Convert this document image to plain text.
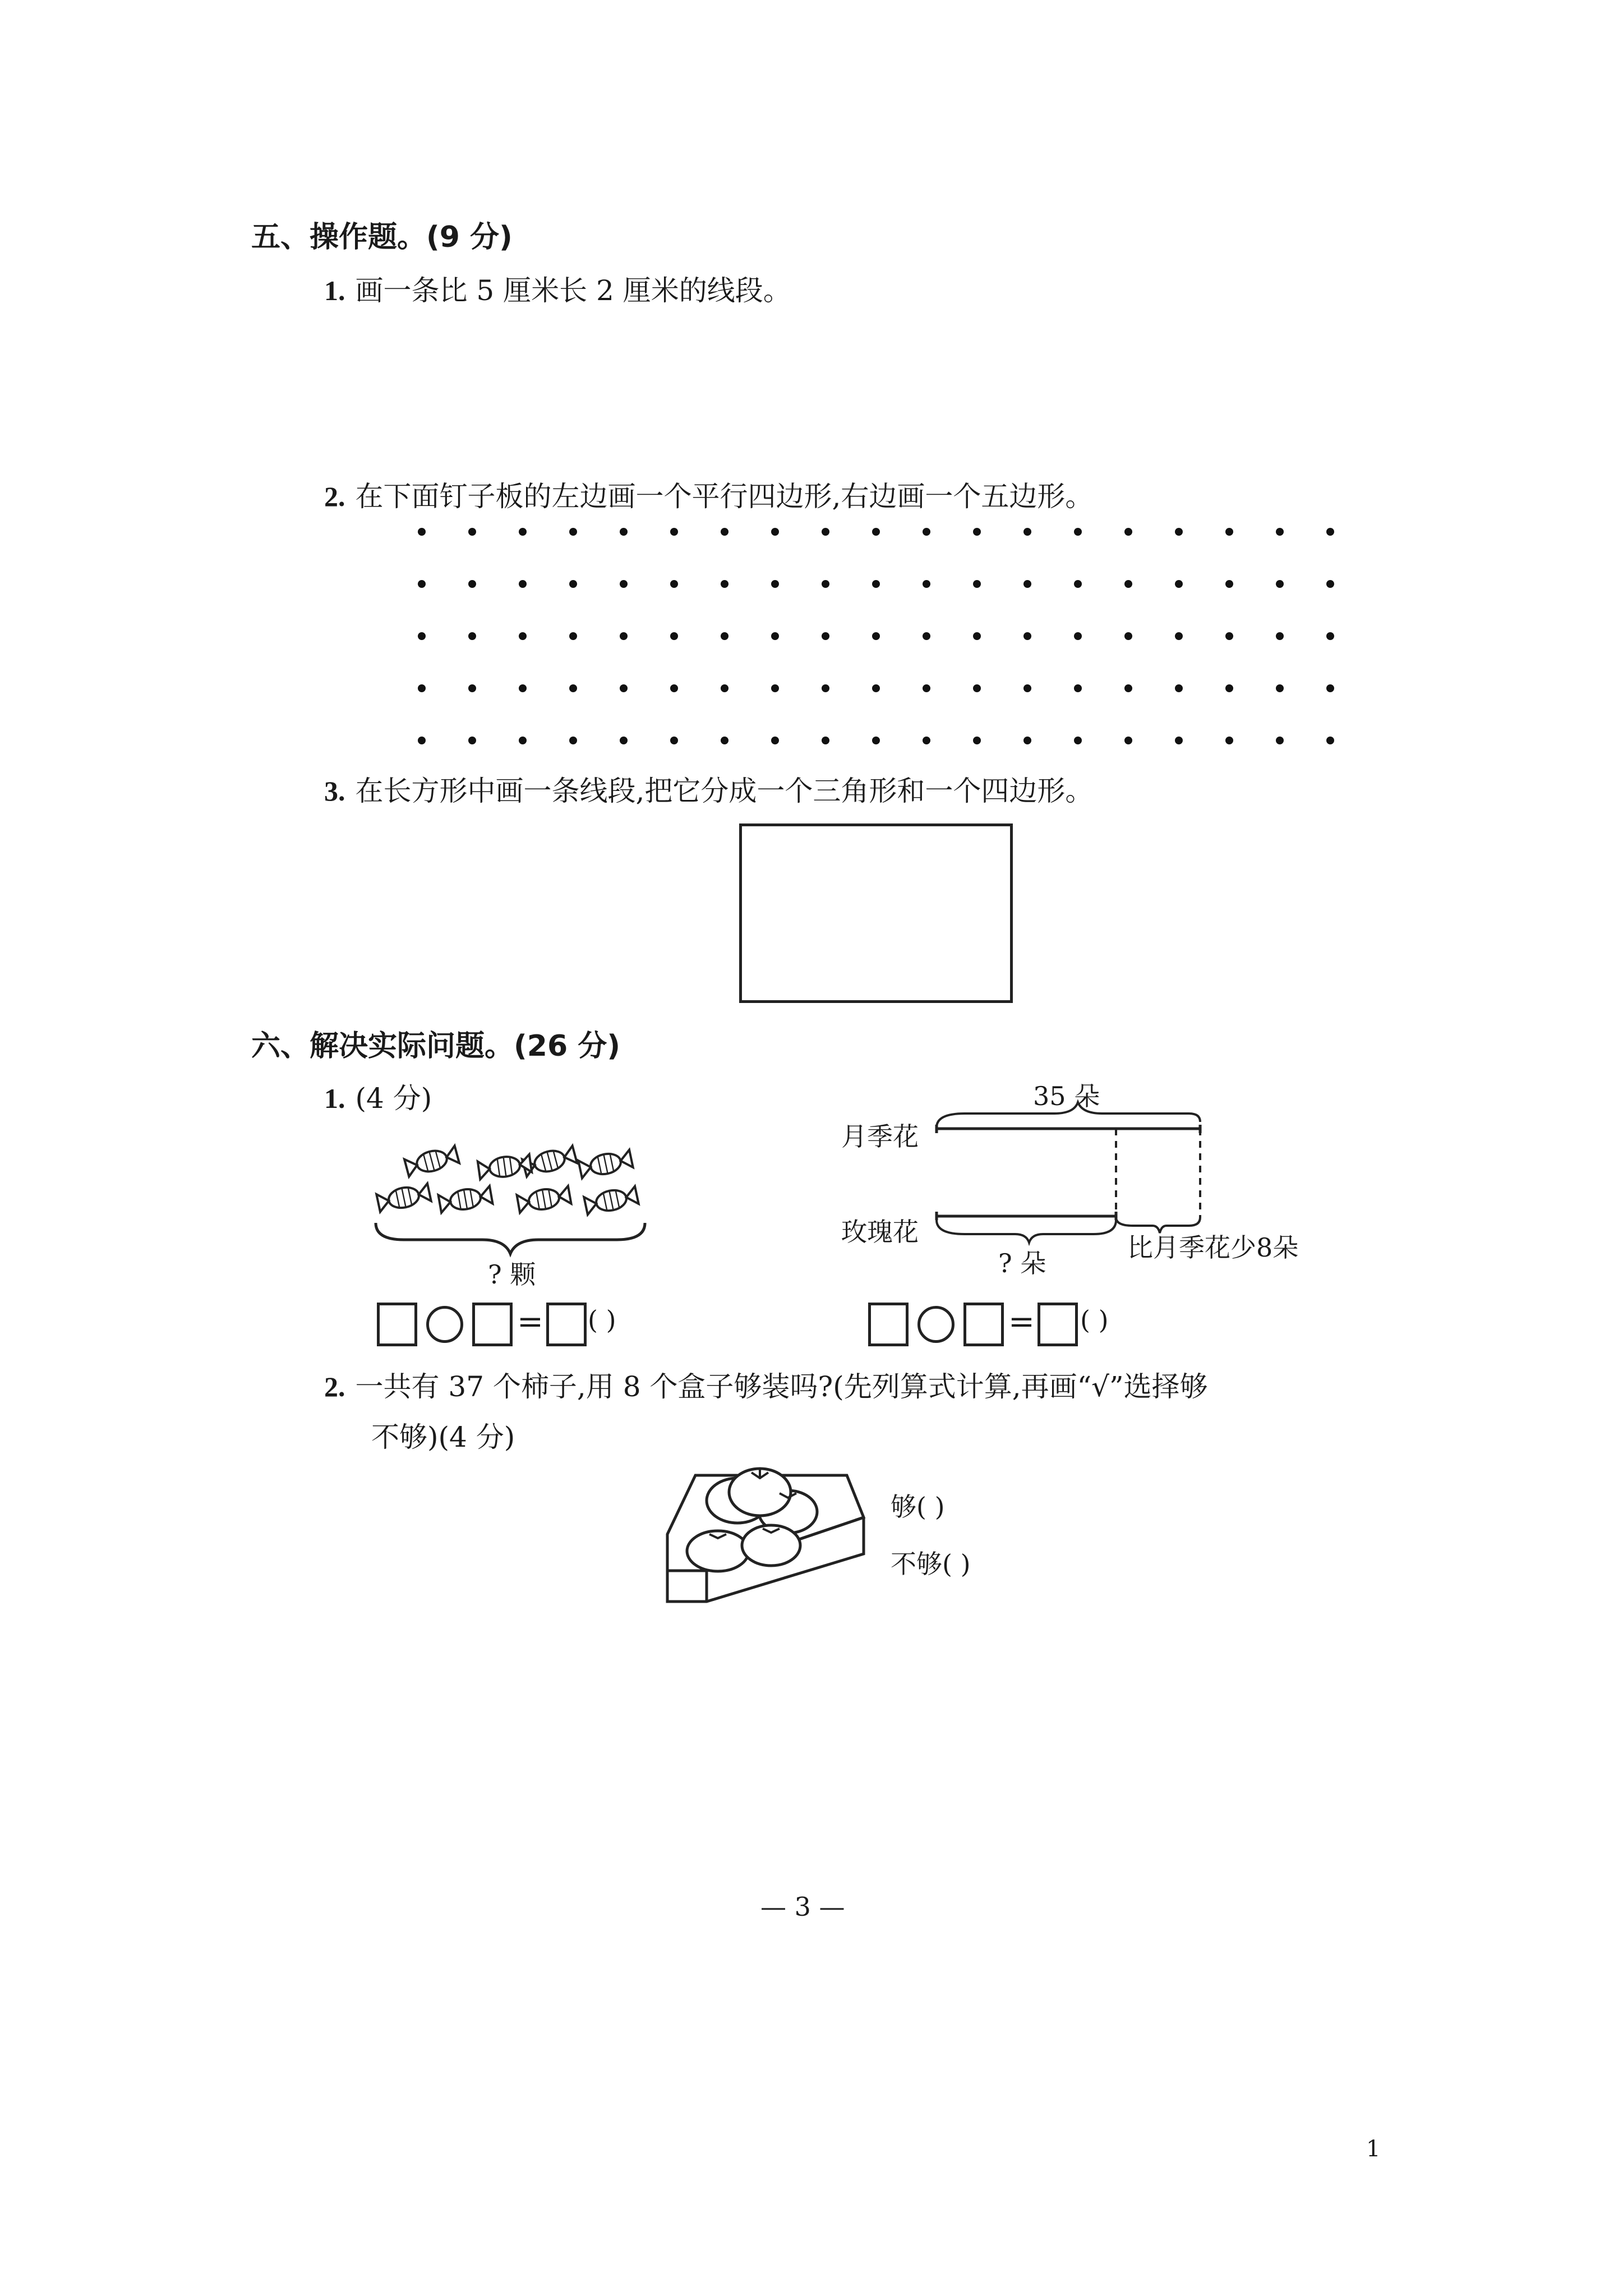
五、操作题。(9 分)
1. 画一条比 5 厘米长 2 厘米的线段。
2. 在下面钉子板的左边画一个平行四边形,右边画一个五边形。
3. 在长方形中画一条线段,把它分成一个三角形和一个四边形。
六、解决实际问题。(26 分)
1. (4 分)
? 颗
35 朵
月季花
玫瑰花
? 朵
比月季花少8朵
= ( )	= ( )
2. 一共有 37 个柿子,用 8 个盒子够装吗?(先列算式计算,再画“√”选择够
不够)(4 分)
够( )
不够( )
— 3 —
1
